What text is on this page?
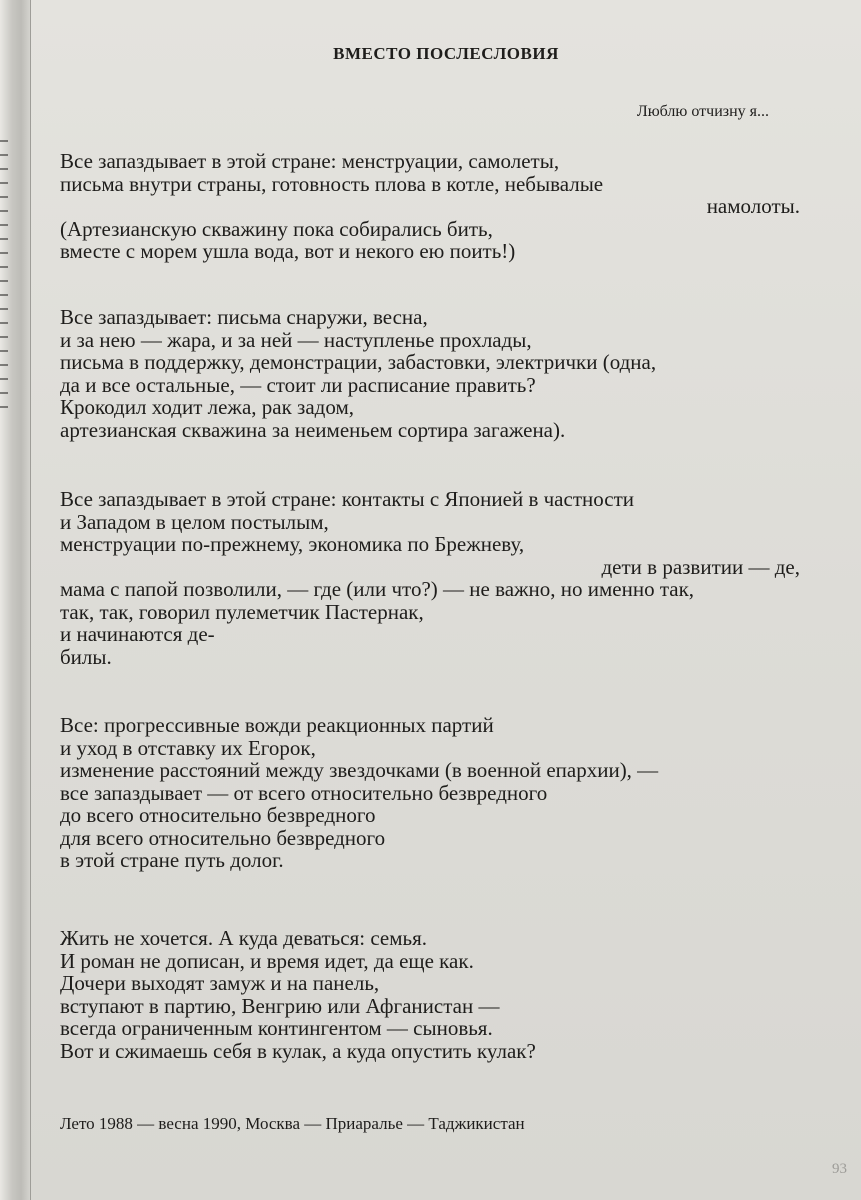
ВМЕСТО ПОСЛЕСЛОВИЯ
Люблю отчизну я...
Все запаздывает в этой стране: менструации, самолеты,
письма внутри страны, готовность плова в котле, небывалые
намолоты.
(Артезианскую скважину пока собирались бить,
вместе с морем ушла вода, вот и некого ею поить!)
Все запаздывает: письма снаружи, весна,
и за нею — жара, и за ней — наступленье прохлады,
письма в поддержку, демонстрации, забастовки, электрички (одна,
да и все остальные, — стоит ли расписание править?
Крокодил ходит лежа, рак задом,
артезианская скважина за неименьем сортира загажена).
Все запаздывает в этой стране: контакты с Японией в частности
и Западом в целом постылым,
менструации по-прежнему, экономика по Брежневу,
дети в развитии — де,
мама с папой позволили, — где (или что?) — не важно, но именно так,
так, так, говорил пулеметчик Пастернак,
и начинаются де-
билы.
Все: прогрессивные вожди реакционных партий
и уход в отставку их Егорок,
изменение расстояний между звездочками (в военной епархии), —
все запаздывает — от всего относительно безвредного
до всего относительно безвредного
для всего относительно безвредного
в этой стране путь долог.
Жить не хочется. А куда деваться: семья.
И роман не дописан, и время идет, да еще как.
Дочери выходят замуж и на панель,
вступают в партию, Венгрию или Афганистан —
всегда ограниченным контингентом — сыновья.
Вот и сжимаешь себя в кулак, а куда опустить кулак?
Лето 1988 — весна 1990, Москва — Приаралье — Таджикистан
93
